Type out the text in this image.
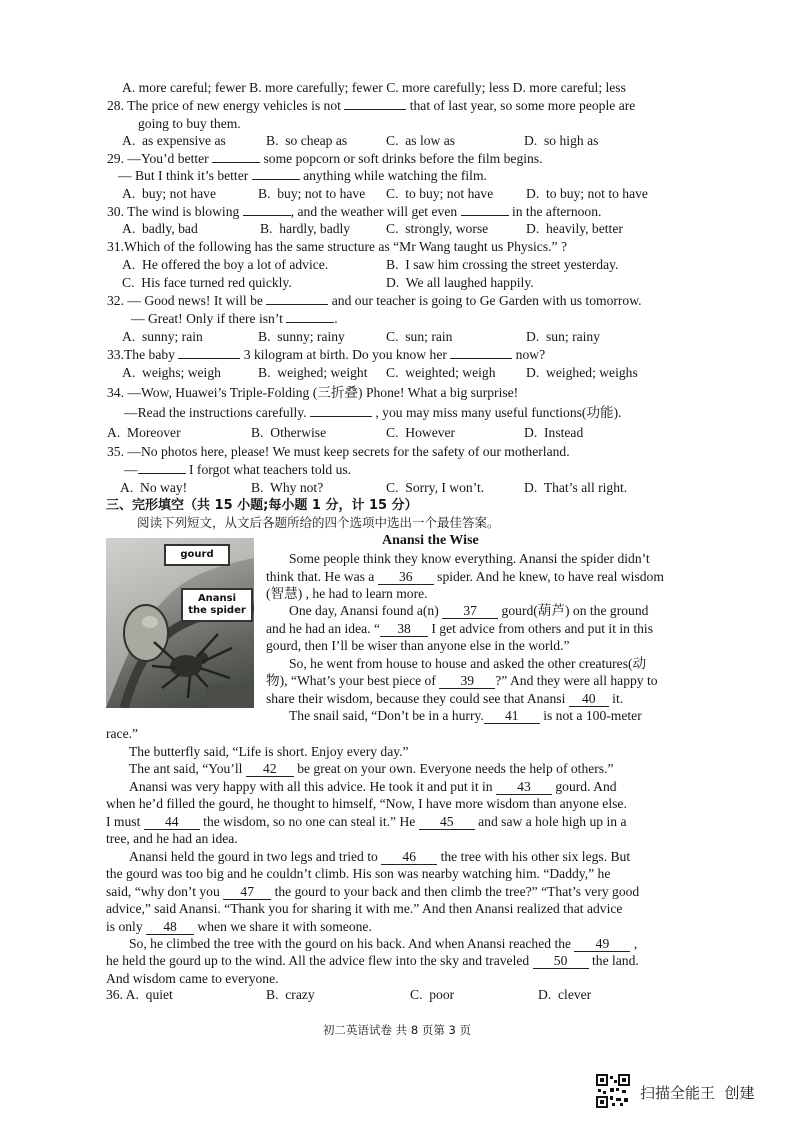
A. more careful; fewer B. more carefully; fewer C. more carefully; less D. more careful; less
28. The price of new energy vehicles is not	that of last year, so some more people are
going to buy them.
A.  as expensive as	B.  so cheap as	C.  as low as	D.  so high as
29. —You’d better	some popcorn or soft drinks before the film begins.
— But I think it’s better	anything while watching the film.
A.  buy; not have	B.  buy; not to have C.  to buy; not have D.  to buy; not to have
30. The wind is blowing	, and the weather will get even	in the afternoon.
A.  badly, bad	B.  hardly, badly	C.  strongly, worse	D.  heavily, better
31.Which of the following has the same structure as “Mr Wang taught us Physics.” ?
A.  He offered the boy a lot of advice.	B.  I saw him crossing the street yesterday.
C.  His face turned red quickly.	D.  We all laughed happily.
32. — Good news! It will be	and our teacher is going to Ge Garden with us tomorrow.
— Great! Only if there isn’t	.
A.  sunny; rain	B.  sunny; rainy	C.  sun; rain	D.  sun; rainy
33.The baby	3 kilogram at birth. Do you know her	now?
A.  weighs; weigh	B.  weighed; weight C.  weighted; weigh D.  weighed; weighs
34. —Wow, Huawei’s Triple-Folding (三折叠) Phone! What a big surprise!
—Read the instructions carefully.	, you may miss many useful functions(功能).
A.  Moreover	B.  Otherwise	C.  However	D.  Instead
35. —No photos here, please! We must keep secrets for the safety of our motherland.
—	I forgot what teachers told us.
A.  No way!	B.  Why not?	C.  Sorry, I won’t.	D.  That’s all right.
三、完形填空（共 15 小题;每小题 1 分，计 15 分）
阅读下列短文，从文后各题所给的四个选项中选出一个最佳答案。
Anansi the Wise
gourd
Anansi
the spider
Some people think they know everything. Anansi the spider didn’t
think that. He was a 36 spider. And he knew, to have real wisdom
(智慧) , he had to learn more.
One day, Anansi found a(n) 37 gourd(葫芦) on the ground
and he had an idea. “ 38 I get advice from others and put it in this
gourd, then I’ll be wiser than anyone else in the world.”
So, he went from house to house and asked the other creatures(动
物), “What’s your best piece of 39 ?” And they were all happy to
share their wisdom, because they could see that Anansi 40 it.
The snail said, “Don’t be in a hurry. 41 is not a 100-meter
race.”
The butterfly said, “Life is short. Enjoy every day.”
The ant said, “You’ll 42 be great on your own. Everyone needs the help of others.”
Anansi was very happy with all this advice. He took it and put it in 43 gourd. And
when he’d filled the gourd, he thought to himself, “Now, I have more wisdom than anyone else.
I must 44 the wisdom, so no one can steal it.” He 45 and saw a hole high up in a
tree, and he had an idea.
Anansi held the gourd in two legs and tried to 46 the tree with his other six legs. But
the gourd was too big and he couldn’t climb. His son was nearby watching him. “Daddy,” he
said, “why don’t you 47 the gourd to your back and then climb the tree?” “That’s very good
advice,” said Anansi. “Thank you for sharing it with me.” And then Anansi realized that advice
is only 48 when we share it with someone.
So, he climbed the tree with the gourd on his back. And when Anansi reached the 49 ,
he held the gourd up to the wind. All the advice flew into the sky and traveled 50 the land.
And wisdom came to everyone.
36. A.  quiet	B.  crazy	C.  poor	D.  clever
初二英语试卷 共 8 页第 3 页
扫描全能王  创建
